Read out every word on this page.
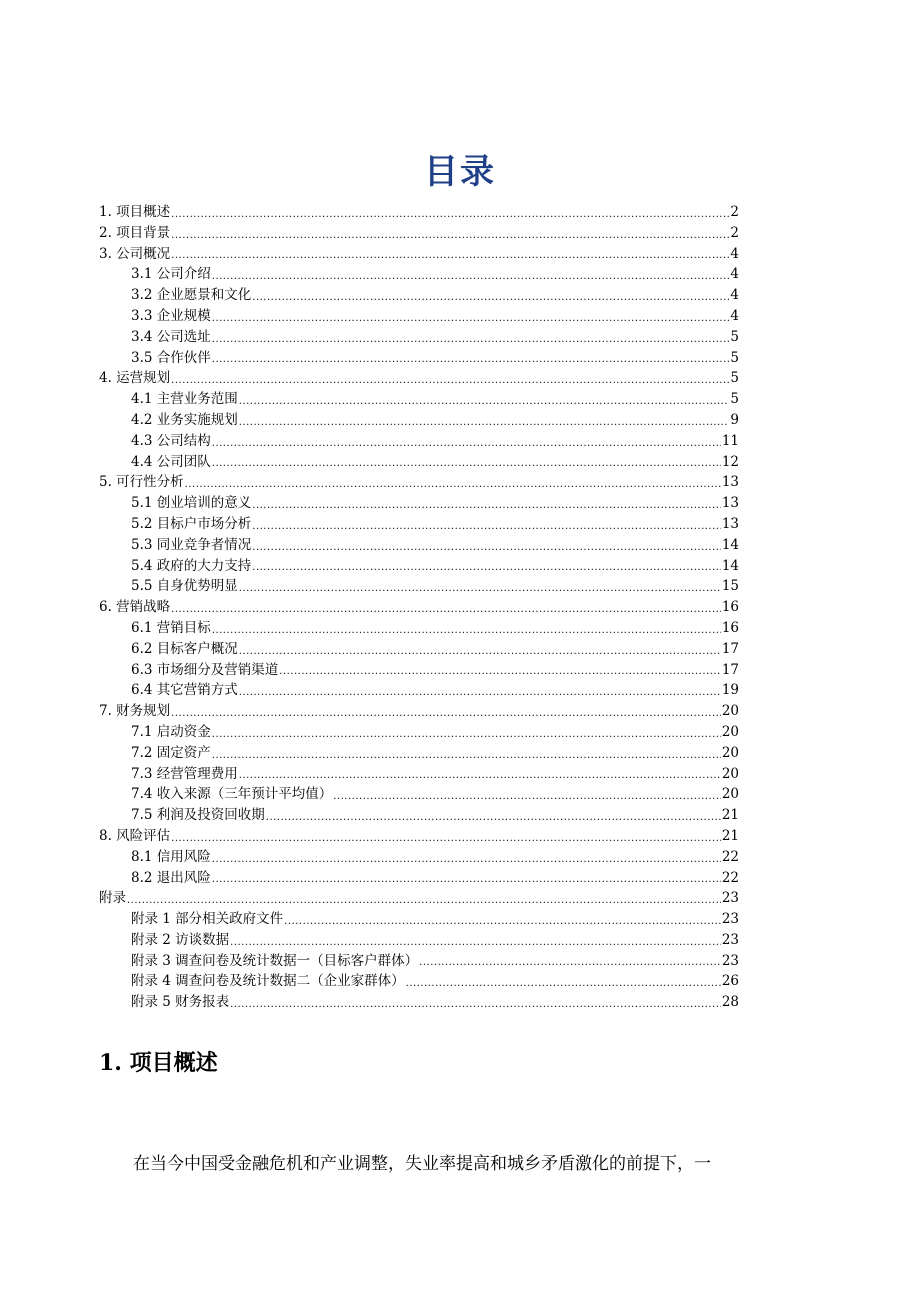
目录
1. 项目概述 .....	2
2. 项目背景 .....	2
3. 公司概况 .....	4
3.1 公司介绍 .....	4
3.2 企业愿景和文化 .....	4
3.3 企业规模 .....	4
3.4 公司选址 .....	5
3.5 合作伙伴 .....	5
4. 运营规划 .....	5
4.1 主营业务范围 .....	5
4.2 业务实施规划 .....	9
4.3 公司结构 .....	11
4.4 公司团队 .....	12
5. 可行性分析 .....	13
5.1 创业培训的意义 .....	13
5.2 目标户市场分析 .....	13
5.3 同业竞争者情况 .....	14
5.4 政府的大力支持 .....	14
5.5 自身优势明显 .....	15
6. 营销战略 .....	16
6.1 营销目标 .....	16
6.2 目标客户概况 .....	17
6.3 市场细分及营销渠道 .....	17
6.4 其它营销方式 .....	19
7. 财务规划 .....	20
7.1 启动资金 .....	20
7.2 固定资产 .....	20
7.3 经营管理费用 .....	20
7.4 收入来源（三年预计平均值） .....	20
7.5 利润及投资回收期 .....	21
8. 风险评估 .....	21
8.1 信用风险 .....	22
8.2 退出风险 .....	22
附录 .....	23
附录 1 部分相关政府文件 .....	23
附录 2 访谈数据 .....	23
附录 3 调查问卷及统计数据一（目标客户群体） .....	23
附录 4 调查问卷及统计数据二（企业家群体） .....	26
附录 5 财务报表 .....	28
1. 项目概述
在当今中国受金融危机和产业调整，失业率提高和城乡矛盾激化的前提下，一
